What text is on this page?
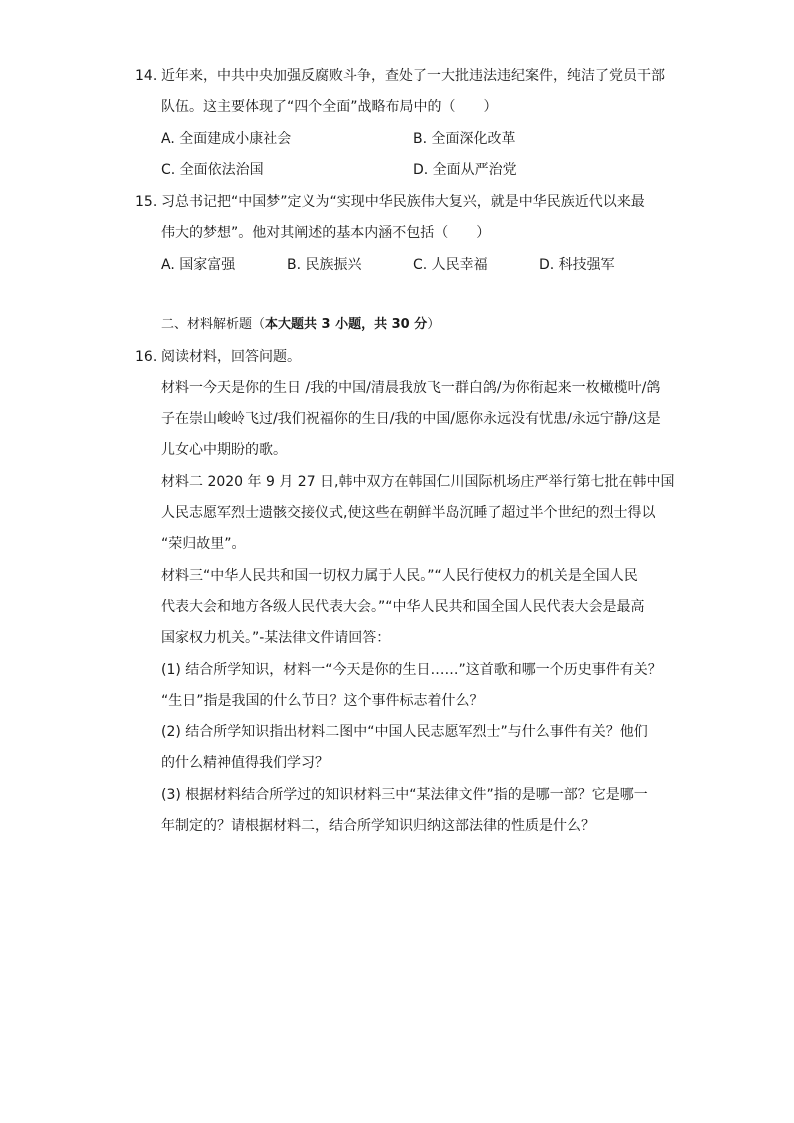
14. 近年来，中共中央加强反腐败斗争，查处了一大批违法违纪案件，纯洁了党员干部
队伍。这主要体现了“四个全面”战略布局中的（　　）
A. 全面建成小康社会	B. 全面深化改革
C. 全面依法治国	D. 全面从严治党
15. 习总书记把“中国梦”定义为“实现中华民族伟大复兴，就是中华民族近代以来最
伟大的梦想”。他对其阐述的基本内涵不包括（　　）
A. 国家富强	B. 民族振兴	C. 人民幸福	D. 科技强军
二、材料解析题（本大题共 3 小题，共 30 分）
16. 阅读材料，回答问题。
材料一今天是你的生日 /我的中国/清晨我放飞一群白鸽/为你衔起来一枚橄榄叶/鸽
子在崇山峻岭飞过/我们祝福你的生日/我的中国/愿你永远没有忧患/永远宁静/这是
儿女心中期盼的歌。
材料二 2020 年 9 月 27 日,韩中双方在韩国仁川国际机场庄严举行第七批在韩中国
人民志愿军烈士遗骸交接仪式,使这些在朝鲜半岛沉睡了超过半个世纪的烈士得以
“荣归故里”。
材料三“中华人民共和国一切权力属于人民。”“人民行使权力的机关是全国人民
代表大会和地方各级人民代表大会。”“中华人民共和国全国人民代表大会是最高
国家权力机关。”-某法律文件请回答：
(1) 结合所学知识，材料一“今天是你的生日……”这首歌和哪一个历史事件有关？
“生日”指是我国的什么节日？这个事件标志着什么？
(2) 结合所学知识指出材料二图中“中国人民志愿军烈士”与什么事件有关？他们
的什么精神值得我们学习？
(3) 根据材料结合所学过的知识材料三中“某法律文件”指的是哪一部？它是哪一
年制定的？请根据材料二，结合所学知识归纳这部法律的性质是什么？
